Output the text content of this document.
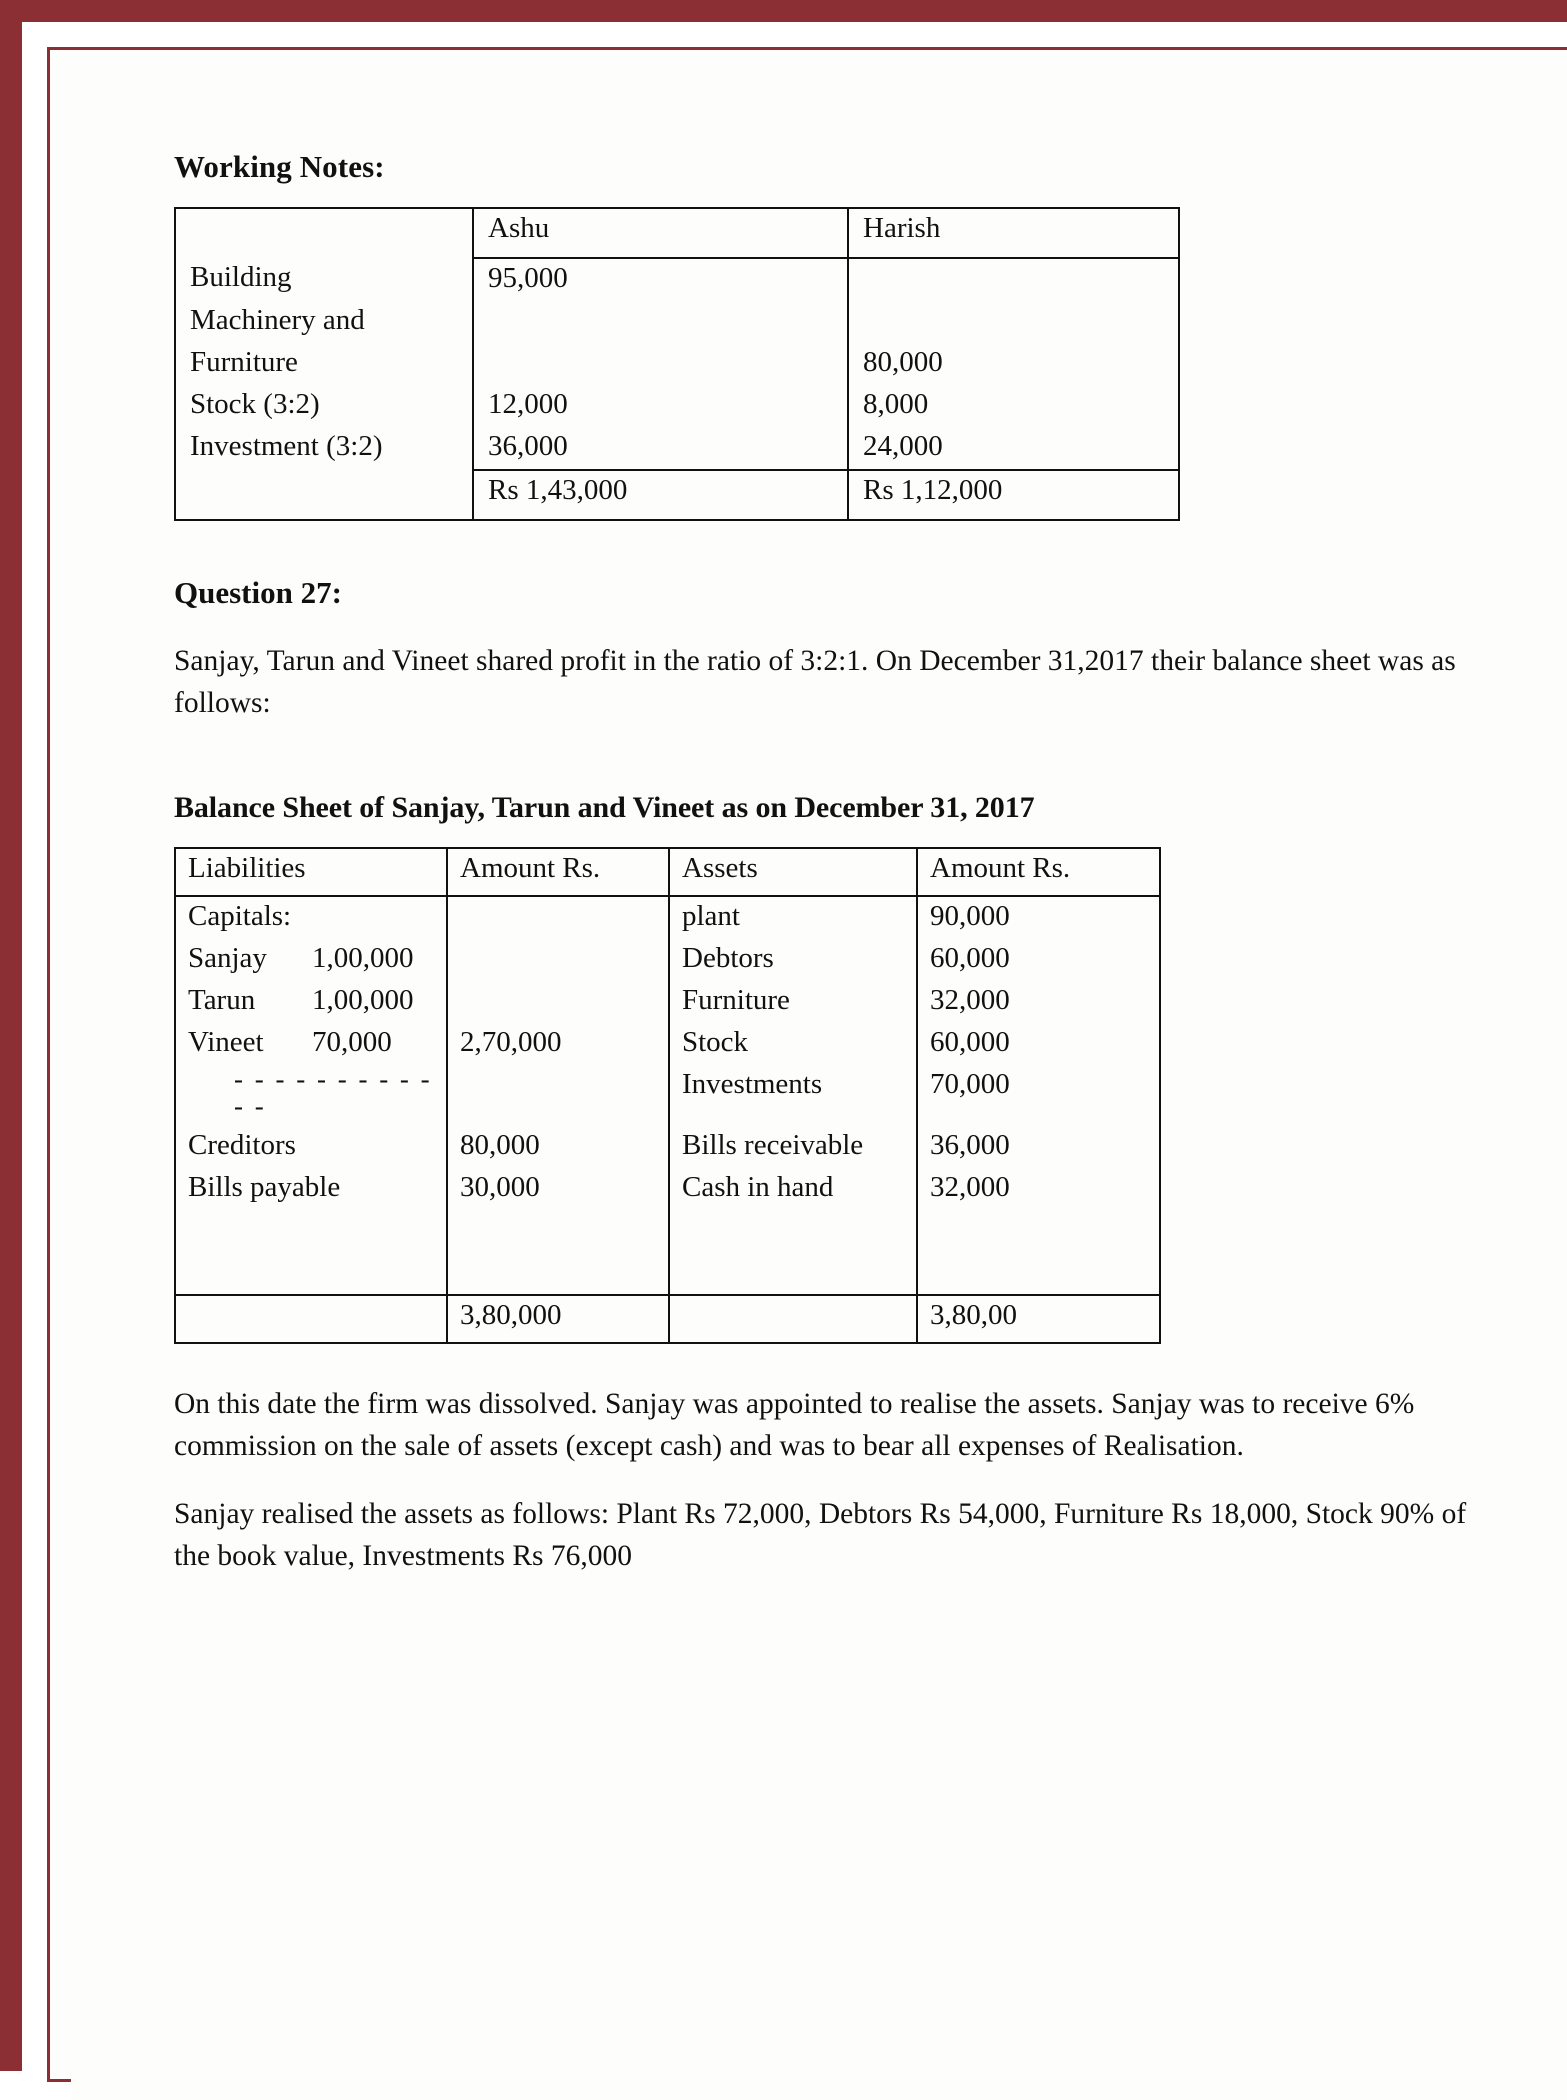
Working Notes:
	Ashu	Harish
Building	95,000	
Machinery and		
Furniture		80,000
Stock (3:2)	12,000	8,000
Investment (3:2)	36,000	24,000
	Rs 1,43,000	Rs 1,12,000
Question 27:

Sanjay, Tarun and Vineet shared profit in the ratio of 3:2:1. On December 31,2017 their balance sheet was as follows:

Balance Sheet of Sanjay, Tarun and Vineet as on December 31, 2017
Liabilities	Amount Rs.	Assets	Amount Rs.
Capitals:		plant	90,000
Sanjay 1,00,000		Debtors	60,000
Tarun 1,00,000		Furniture	32,000
Vineet 70,000	2,70,000	Stock	60,000
- - - - - - - - - - - -		Investments	70,000
Creditors	80,000	Bills receivable	36,000
Bills payable	30,000	Cash in hand	32,000

	3,80,000		3,80,00

On this date the firm was dissolved. Sanjay was appointed to realise the assets. Sanjay was to receive 6% commission on the sale of assets (except cash) and was to bear all expenses of Realisation.

Sanjay realised the assets as follows: Plant Rs 72,000, Debtors Rs 54,000, Furniture Rs 18,000, Stock 90% of the book value, Investments Rs 76,000
